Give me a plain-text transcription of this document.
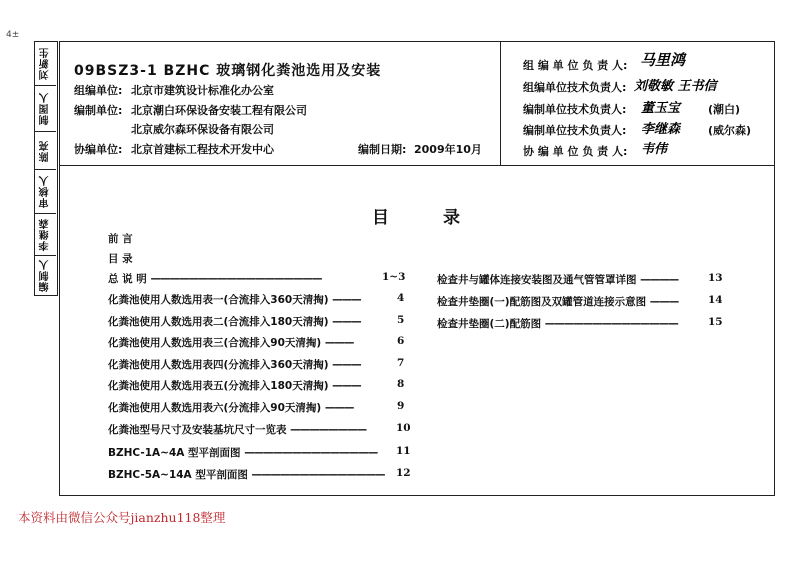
4±
刘新生
制图人
陈亮
审核人
李继森
编制人
09BSZ3-1 BZHC 玻璃钢化粪池选用及安装
组编单位: 北京市建筑设计标准化办公室
编制单位: 北京潮白环保设备安装工程有限公司
北京威尔森环保设备有限公司
协编单位: 北京首建标工程技术开发中心	编制日期: 2009年10月
组 编 单 位 负 责 人: 马里鸿
组编单位技术负责人: 刘敬敏 王书信
编制单位技术负责人: 董玉宝	(潮白)
编制单位技术负责人: 李继森	(威尔森)
协 编 单 位 负 责 人: 韦伟
目录
前 言
目 录
总 说 明 ——————————————————	1~3
化粪池使用人数选用表一(合流排入360天清掏) ———	4
化粪池使用人数选用表二(合流排入180天清掏) ———	5
化粪池使用人数选用表三(合流排入90天清掏) ———	6
化粪池使用人数选用表四(分流排入360天清掏) ———	7
化粪池使用人数选用表五(分流排入180天清掏) ———	8
化粪池使用人数选用表六(分流排入90天清掏) ———	9
化粪池型号尺寸及安装基坑尺寸一览表 ————————	10
BZHC-1A~4A 型平剖面图 —————————————— 11
BZHC-5A~14A 型平剖面图 —————————————— 12
检查井与罐体连接安装图及通气管管罩详图 ————	13
检查井垫圈(一)配筋图及双罐管道连接示意图 ———	14
检查井垫圈(二)配筋图 ——————————————	15
本资料由微信公众号jianzhu118整理
